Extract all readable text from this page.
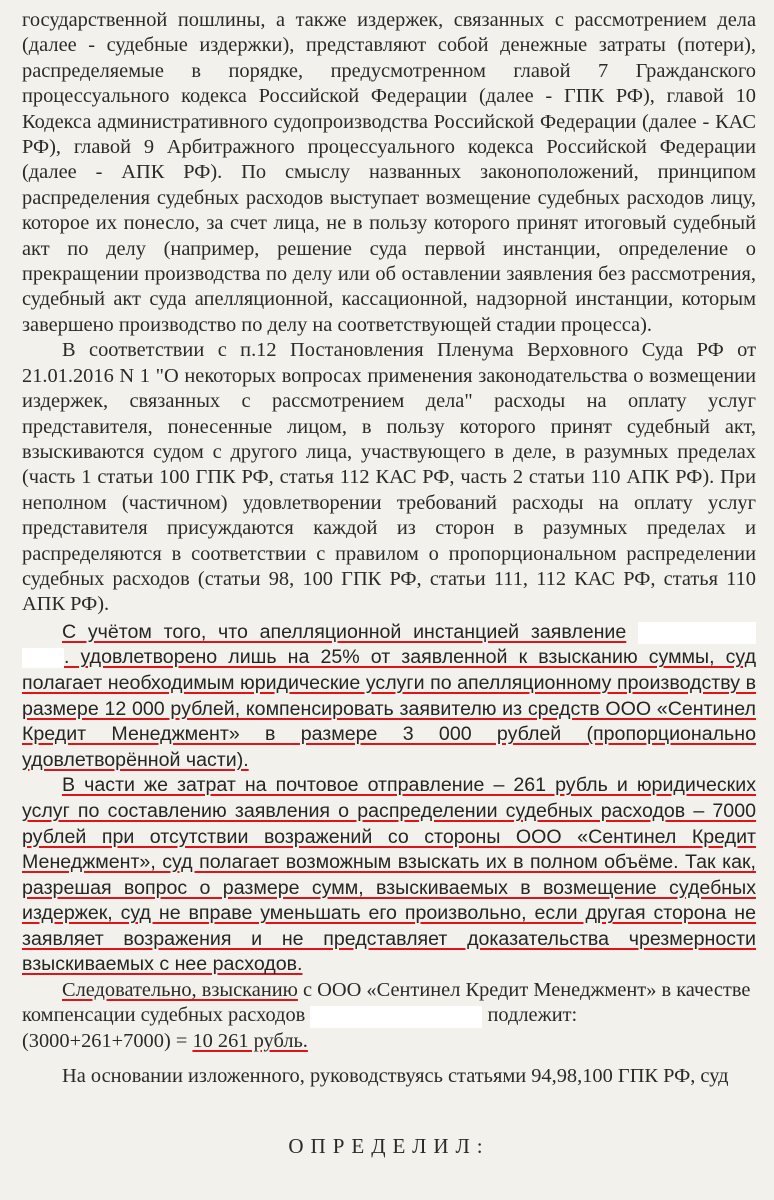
государственной пошлины, а также издержек, связанных с рассмотрением дела (далее - судебные издержки), представляют собой денежные затраты (потери), распределяемые в порядке, предусмотренном главой 7 Гражданского процессуального кодекса Российской Федерации (далее - ГПК РФ), главой 10 Кодекса административного судопроизводства Российской Федерации (далее - КАС РФ), главой 9 Арбитражного процессуального кодекса Российской Федерации (далее - АПК РФ). По смыслу названных законоположений, принципом распределения судебных расходов выступает возмещение судебных расходов лицу, которое их понесло, за счет лица, не в пользу которого принят итоговый судебный акт по делу (например, решение суда первой инстанции, определение о прекращении производства по делу или об оставлении заявления без рассмотрения, судебный акт суда апелляционной, кассационной, надзорной инстанции, которым завершено производство по делу на соответствующей стадии процесса).

В соответствии с п.12 Постановления Пленума Верховного Суда РФ от 21.01.2016 N 1 "О некоторых вопросах применения законодательства о возмещении издержек, связанных с рассмотрением дела" расходы на оплату услуг представителя, понесенные лицом, в пользу которого принят судебный акт, взыскиваются судом с другого лица, участвующего в деле, в разумных пределах (часть 1 статьи 100 ГПК РФ, статья 112 КАС РФ, часть 2 статьи 110 АПК РФ). При неполном (частичном) удовлетворении требований расходы на оплату услуг представителя присуждаются каждой из сторон в разумных пределах и распределяются в соответствии с правилом о пропорциональном распределении судебных расходов (статьи 98, 100 ГПК РФ, статьи 111, 112 КАС РФ, статья 110 АПК РФ).

С учётом того, что апелляционной инстанцией заявление  . удовлетворено лишь на 25% от заявленной к взысканию суммы, суд полагает необходимым юридические услуги по апелляционному производству в размере 12 000 рублей, компенсировать заявителю из средств ООО «Сентинел Кредит Менеджмент» в размере 3 000 рублей (пропорционально удовлетворённой части).

В части же затрат на почтовое отправление – 261 рубль и юридических услуг по составлению заявления о распределении судебных расходов – 7000 рублей при отсутствии возражений со стороны ООО «Сентинел Кредит Менеджмент», суд полагает возможным взыскать их в полном объёме. Так как, разрешая вопрос о размере сумм, взыскиваемых в возмещение судебных издержек, суд не вправе уменьшать его произвольно, если другая сторона не заявляет возражения и не представляет доказательства чрезмерности взыскиваемых с нее расходов.

Следовательно, взысканию с ООО «Сентинел Кредит Менеджмент» в качестве компенсации судебных расходов	подлежит:
(3000+261+7000) = 10 261 рубль.

На основании изложенного, руководствуясь статьями 94,98,100 ГПК РФ, суд

ОПРЕДЕЛИЛ:
